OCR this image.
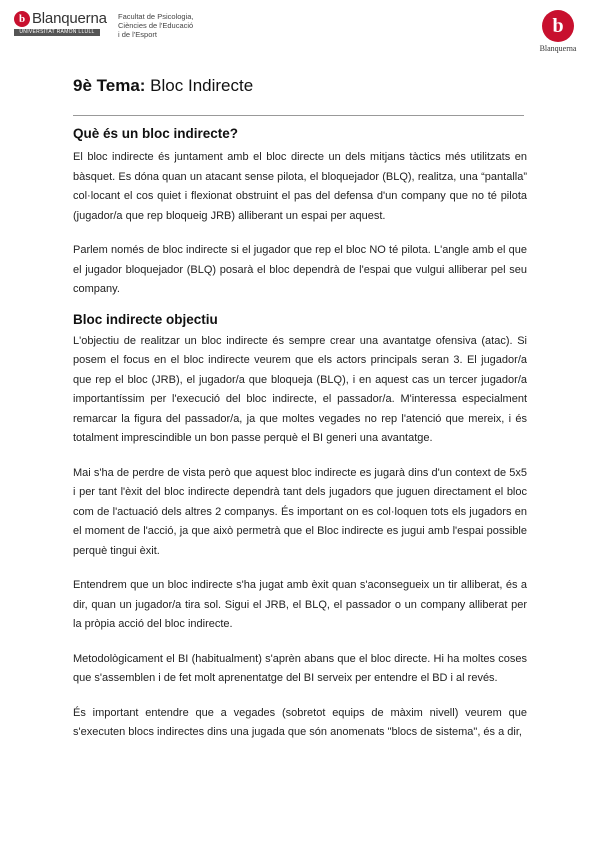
b Blanquerna
UNIVERSITAT RAMON LLULL
Facultat de Psicologia,
Ciències de l'Educació
i de l'Esport	b
Blanquerna
9è Tema: Bloc Indirecte
Què és un bloc indirecte?

El bloc indirecte és juntament amb el bloc directe un dels mitjans tàctics més utilitzats en bàsquet. Es dóna quan un atacant sense pilota, el bloquejador (BLQ), realitza, una “pantalla” col·locant el cos quiet i flexionat obstruint el pas del defensa d'un company que no té pilota (jugador/a que rep bloqueig JRB) alliberant un espai per aquest.

Parlem només de bloc indirecte si el jugador que rep el bloc NO té pilota. L'angle amb el que el jugador bloquejador (BLQ) posarà el bloc dependrà de l'espai que vulgui alliberar pel seu company.

Bloc indirecte objectiu

L'objectiu de realitzar un bloc indirecte és sempre crear una avantatge ofensiva (atac). Si posem el focus en el bloc indirecte veurem que els actors principals seran 3. El jugador/a que rep el bloc (JRB), el jugador/a que bloqueja (BLQ), i en aquest cas un tercer jugador/a importantíssim per l'execució del bloc indirecte, el passador/a. M'interessa especialment remarcar la figura del passador/a, ja que moltes vegades no rep l'atenció que mereix, i és totalment imprescindible un bon passe perquè el BI generi una avantatge.

Mai s'ha de perdre de vista però que aquest bloc indirecte es jugarà dins d'un context de 5x5 i per tant l'èxit del bloc indirecte dependrà tant dels jugadors que juguen directament el bloc com de l'actuació dels altres 2 companys. És important on es col·loquen tots els jugadors en el moment de l'acció, ja que això permetrà que el Bloc indirecte es jugui amb l'espai possible perquè tingui èxit.

Entendrem que un bloc indirecte s'ha jugat amb èxit quan s'aconsegueix un tir alliberat, és a dir, quan un jugador/a tira sol. Sigui el JRB, el BLQ, el passador o un company alliberat per la pròpia acció del bloc indirecte.

Metodològicament el BI (habitualment) s'aprèn abans que el bloc directe. Hi ha moltes coses que s'assemblen i de fet molt aprenentatge del BI serveix per entendre el BD i al revés.

És important entendre que a vegades (sobretot equips de màxim nivell) veurem que s'executen blocs indirectes dins una jugada que són anomenats "blocs de sistema", és a dir,
